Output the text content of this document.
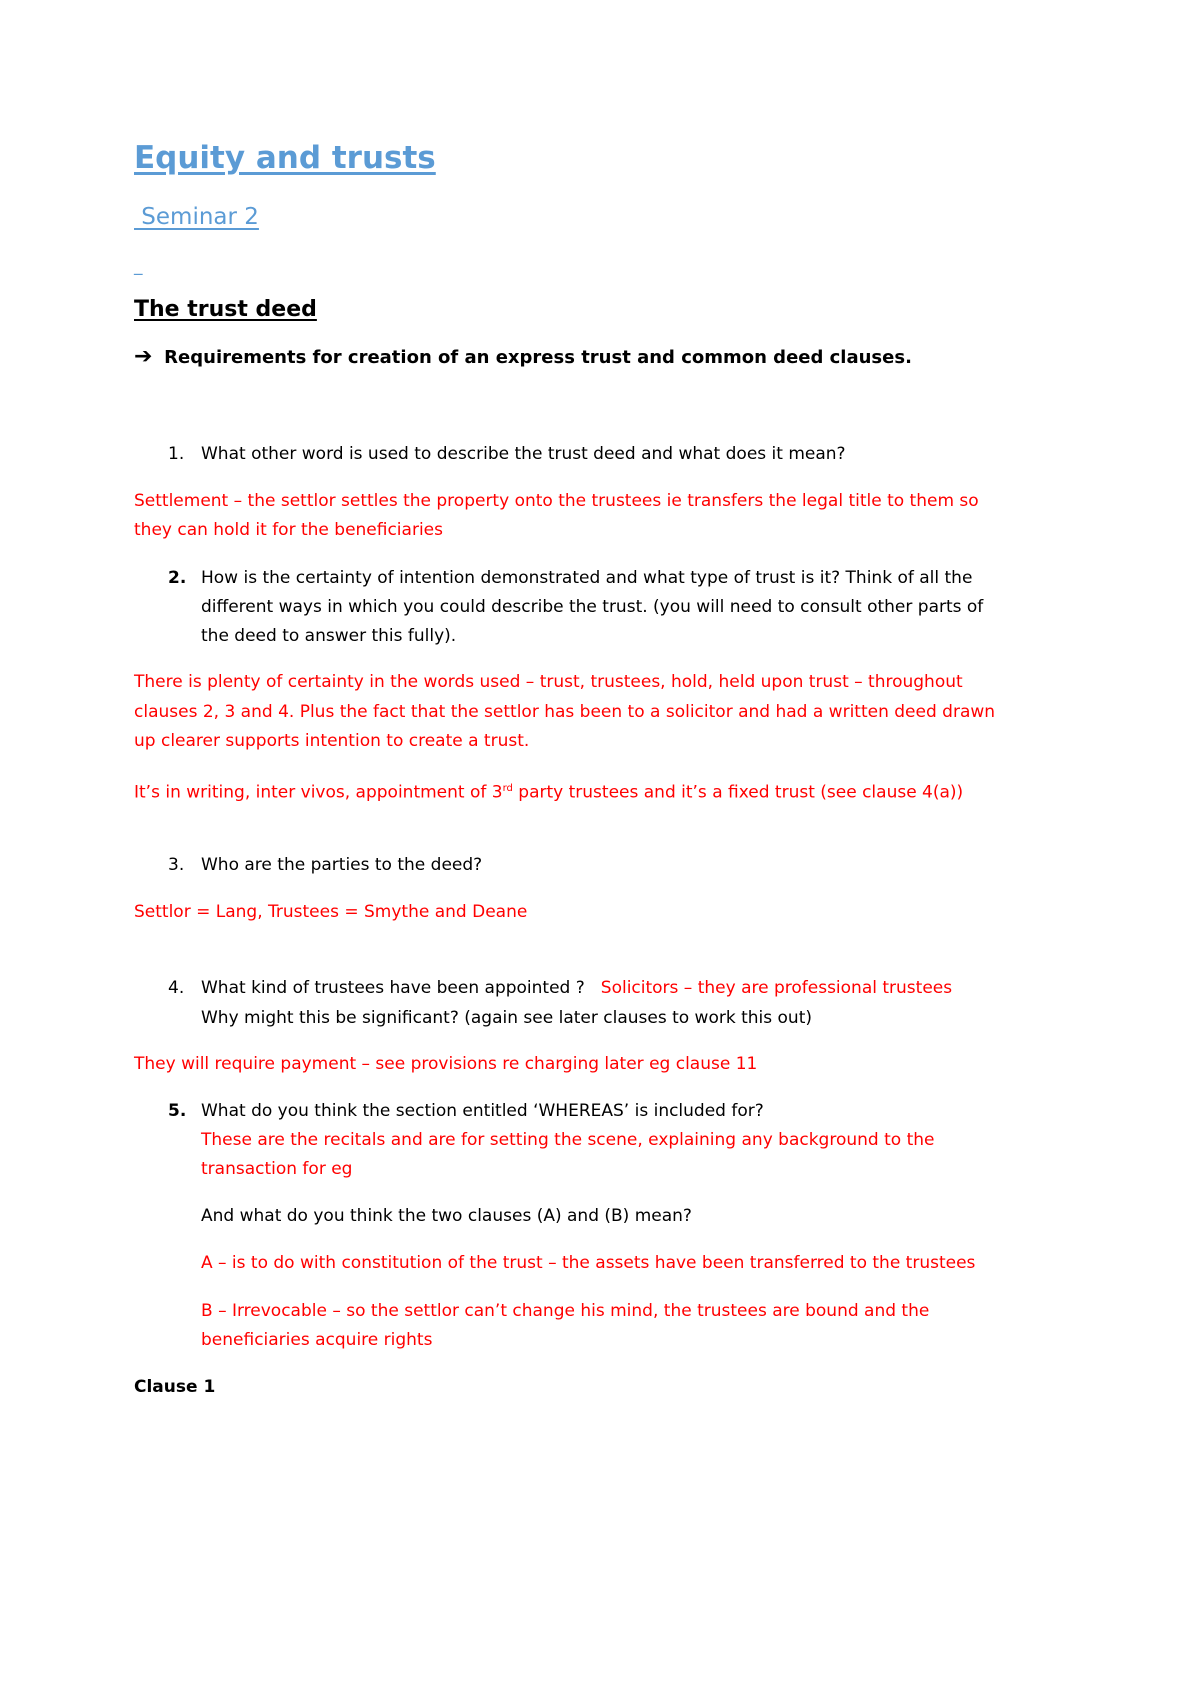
Equity and trusts
Seminar 2
_
The trust deed
➔ Requirements for creation of an express trust and common deed clauses.
1. What other word is used to describe the trust deed and what does it mean?
Settlement – the settlor settles the property onto the trustees ie transfers the legal title to them so
they can hold it for the beneficiaries
2. How is the certainty of intention demonstrated and what type of trust is it? Think of all the
different ways in which you could describe the trust. (you will need to consult other parts of
the deed to answer this fully).
There is plenty of certainty in the words used – trust, trustees, hold, held upon trust – throughout
clauses 2, 3 and 4. Plus the fact that the settlor has been to a solicitor and had a written deed drawn
up clearer supports intention to create a trust.
It’s in writing, inter vivos, appointment of 3rd party trustees and it’s a fixed trust (see clause 4(a))
3. Who are the parties to the deed?
Settlor = Lang, Trustees = Smythe and Deane
4. What kind of trustees have been appointed ? Solicitors – they are professional trustees
Why might this be significant? (again see later clauses to work this out)
They will require payment – see provisions re charging later eg clause 11
5. What do you think the section entitled ‘WHEREAS’ is included for?
These are the recitals and are for setting the scene, explaining any background to the
transaction for eg
And what do you think the two clauses (A) and (B) mean?
A – is to do with constitution of the trust – the assets have been transferred to the trustees
B – Irrevocable – so the settlor can’t change his mind, the trustees are bound and the
beneficiaries acquire rights
Clause 1
